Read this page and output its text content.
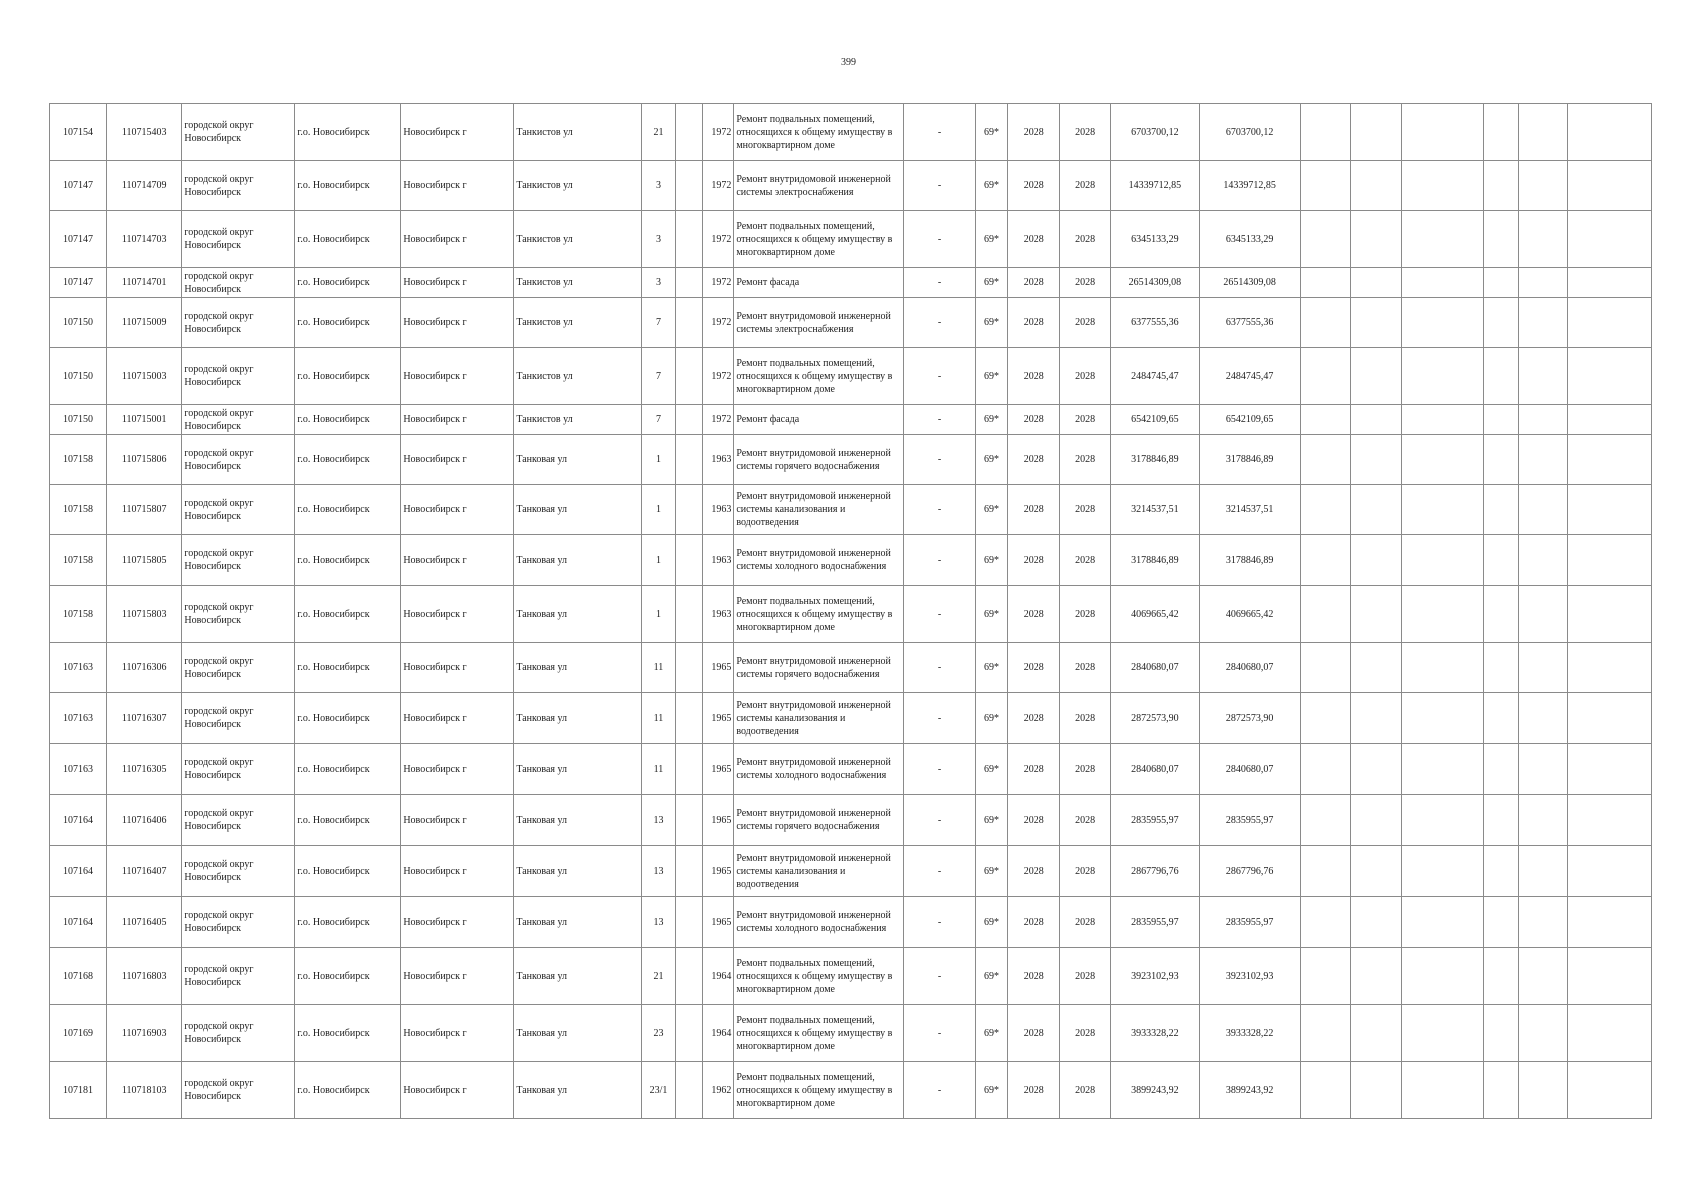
399
107154	110715403	городской округ Новосибирск	г.о. Новосибирск	Новосибирск г	Танкистов ул	21		1972	Ремонт подвальных помещений, относящихся к общему имуществу в многоквартирном доме	-	69*	2028	2028	6703700,12	6703700,12						
107147	110714709	городской округ Новосибирск	г.о. Новосибирск	Новосибирск г	Танкистов ул	3		1972	Ремонт внутридомовой инженерной системы электроснабжения	-	69*	2028	2028	14339712,85	14339712,85						
107147	110714703	городской округ Новосибирск	г.о. Новосибирск	Новосибирск г	Танкистов ул	3		1972	Ремонт подвальных помещений, относящихся к общему имуществу в многоквартирном доме	-	69*	2028	2028	6345133,29	6345133,29						
107147	110714701	городской округ Новосибирск	г.о. Новосибирск	Новосибирск г	Танкистов ул	3		1972	Ремонт фасада	-	69*	2028	2028	26514309,08	26514309,08						
107150	110715009	городской округ Новосибирск	г.о. Новосибирск	Новосибирск г	Танкистов ул	7		1972	Ремонт внутридомовой инженерной системы электроснабжения	-	69*	2028	2028	6377555,36	6377555,36						
107150	110715003	городской округ Новосибирск	г.о. Новосибирск	Новосибирск г	Танкистов ул	7		1972	Ремонт подвальных помещений, относящихся к общему имуществу в многоквартирном доме	-	69*	2028	2028	2484745,47	2484745,47						
107150	110715001	городской округ Новосибирск	г.о. Новосибирск	Новосибирск г	Танкистов ул	7		1972	Ремонт фасада	-	69*	2028	2028	6542109,65	6542109,65						
107158	110715806	городской округ Новосибирск	г.о. Новосибирск	Новосибирск г	Танковая ул	1		1963	Ремонт внутридомовой инженерной системы горячего водоснабжения	-	69*	2028	2028	3178846,89	3178846,89						
107158	110715807	городской округ Новосибирск	г.о. Новосибирск	Новосибирск г	Танковая ул	1		1963	Ремонт внутридомовой инженерной системы канализования и водоотведения	-	69*	2028	2028	3214537,51	3214537,51						
107158	110715805	городской округ Новосибирск	г.о. Новосибирск	Новосибирск г	Танковая ул	1		1963	Ремонт внутридомовой инженерной системы холодного водоснабжения	-	69*	2028	2028	3178846,89	3178846,89						
107158	110715803	городской округ Новосибирск	г.о. Новосибирск	Новосибирск г	Танковая ул	1		1963	Ремонт подвальных помещений, относящихся к общему имуществу в многоквартирном доме	-	69*	2028	2028	4069665,42	4069665,42						
107163	110716306	городской округ Новосибирск	г.о. Новосибирск	Новосибирск г	Танковая ул	11		1965	Ремонт внутридомовой инженерной системы горячего водоснабжения	-	69*	2028	2028	2840680,07	2840680,07						
107163	110716307	городской округ Новосибирск	г.о. Новосибирск	Новосибирск г	Танковая ул	11		1965	Ремонт внутридомовой инженерной системы канализования и водоотведения	-	69*	2028	2028	2872573,90	2872573,90						
107163	110716305	городской округ Новосибирск	г.о. Новосибирск	Новосибирск г	Танковая ул	11		1965	Ремонт внутридомовой инженерной системы холодного водоснабжения	-	69*	2028	2028	2840680,07	2840680,07						
107164	110716406	городской округ Новосибирск	г.о. Новосибирск	Новосибирск г	Танковая ул	13		1965	Ремонт внутридомовой инженерной системы горячего водоснабжения	-	69*	2028	2028	2835955,97	2835955,97						
107164	110716407	городской округ Новосибирск	г.о. Новосибирск	Новосибирск г	Танковая ул	13		1965	Ремонт внутридомовой инженерной системы канализования и водоотведения	-	69*	2028	2028	2867796,76	2867796,76						
107164	110716405	городской округ Новосибирск	г.о. Новосибирск	Новосибирск г	Танковая ул	13		1965	Ремонт внутридомовой инженерной системы холодного водоснабжения	-	69*	2028	2028	2835955,97	2835955,97						
107168	110716803	городской округ Новосибирск	г.о. Новосибирск	Новосибирск г	Танковая ул	21		1964	Ремонт подвальных помещений, относящихся к общему имуществу в многоквартирном доме	-	69*	2028	2028	3923102,93	3923102,93						
107169	110716903	городской округ Новосибирск	г.о. Новосибирск	Новосибирск г	Танковая ул	23		1964	Ремонт подвальных помещений, относящихся к общему имуществу в многоквартирном доме	-	69*	2028	2028	3933328,22	3933328,22						
107181	110718103	городской округ Новосибирск	г.о. Новосибирск	Новосибирск г	Танковая ул	23/1		1962	Ремонт подвальных помещений, относящихся к общему имуществу в многоквартирном доме	-	69*	2028	2028	3899243,92	3899243,92						
